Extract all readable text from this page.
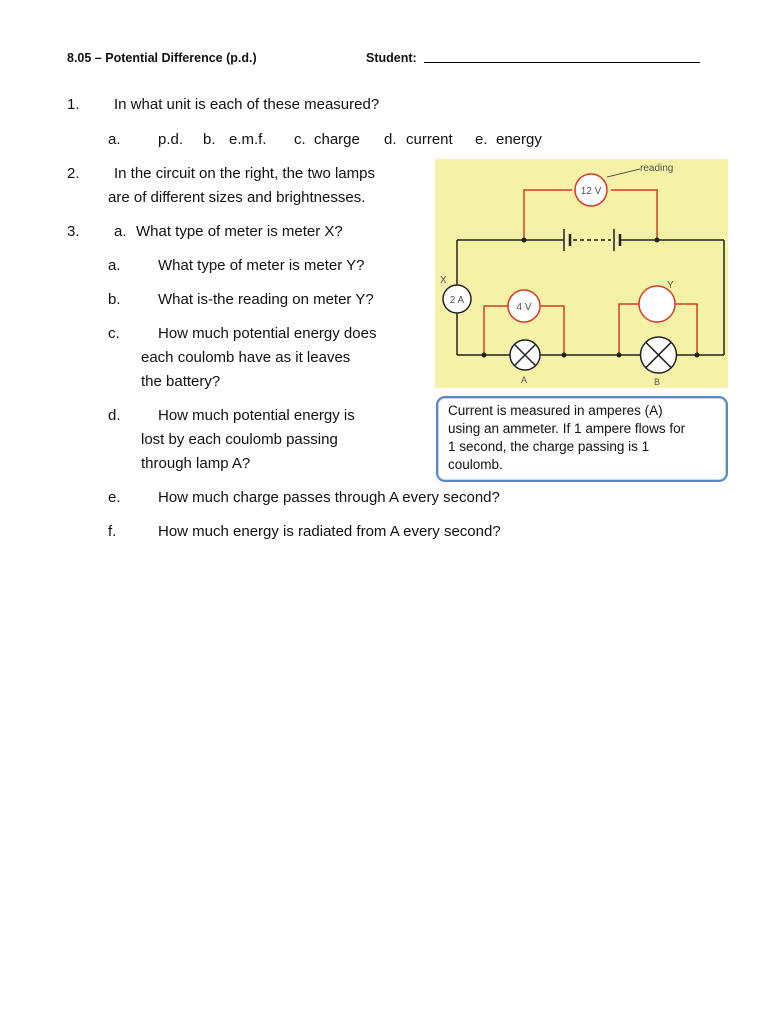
8.05 – Potential Difference (p.d.)	Student:
1. In what unit is each of these measured?
a. p.d. b. e.m.f. c. charge d. current e. energy
2. In the circuit on the right, the two lamps
are of different sizes and brightnesses.
3. a. What type of meter is meter X?
a. What type of meter is meter Y?
b. What is-the reading on meter Y?
c.	How much potential energy does
each coulomb have as it leaves
the battery?
d. How much potential energy is
lost by each coulomb passing
through lamp A?
e. How much charge passes through A every second?
f.	How much energy is radiated from A every second?
12 V
reading
2 A
X
4 V
Y
A	B
Current is measured in amperes (A)
using an ammeter. If 1 ampere flows for
1 second, the charge passing is 1
coulomb.
